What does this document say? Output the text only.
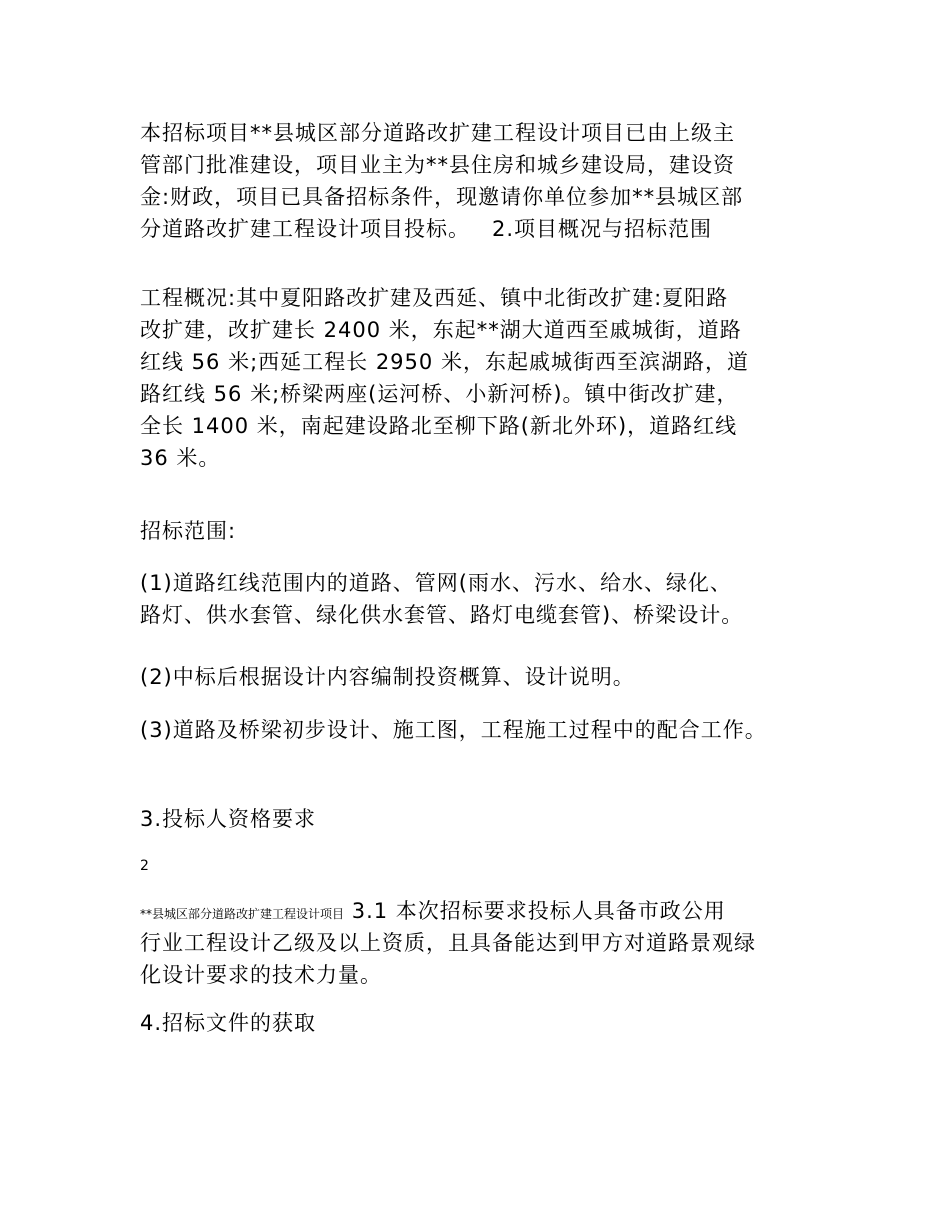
本招标项目**县城区部分道路改扩建工程设计项目已由上级主
管部门批准建设，项目业主为**县住房和城乡建设局，建设资
金:财政，项目已具备招标条件，现邀请你单位参加**县城区部
分道路改扩建工程设计项目投标。 2.项目概况与招标范围
工程概况:其中夏阳路改扩建及西延、镇中北街改扩建:夏阳路
改扩建，改扩建长 2400 米，东起**湖大道西至戚城街，道路
红线 56 米;西延工程长 2950 米，东起戚城街西至滨湖路，道
路红线 56 米;桥梁两座(运河桥、小新河桥)。镇中街改扩建，
全长 1400 米，南起建设路北至柳下路(新北外环)，道路红线
36 米。
招标范围:
(1)道路红线范围内的道路、管网(雨水、污水、给水、绿化、
路灯、供水套管、绿化供水套管、路灯电缆套管)、桥梁设计。
(2)中标后根据设计内容编制投资概算、设计说明。
(3)道路及桥梁初步设计、施工图，工程施工过程中的配合工作。
3.投标人资格要求
2
**县城区部分道路改扩建工程设计项目 3.1 本次招标要求投标人具备市政公用
行业工程设计乙级及以上资质，且具备能达到甲方对道路景观绿
化设计要求的技术力量。
4.招标文件的获取
